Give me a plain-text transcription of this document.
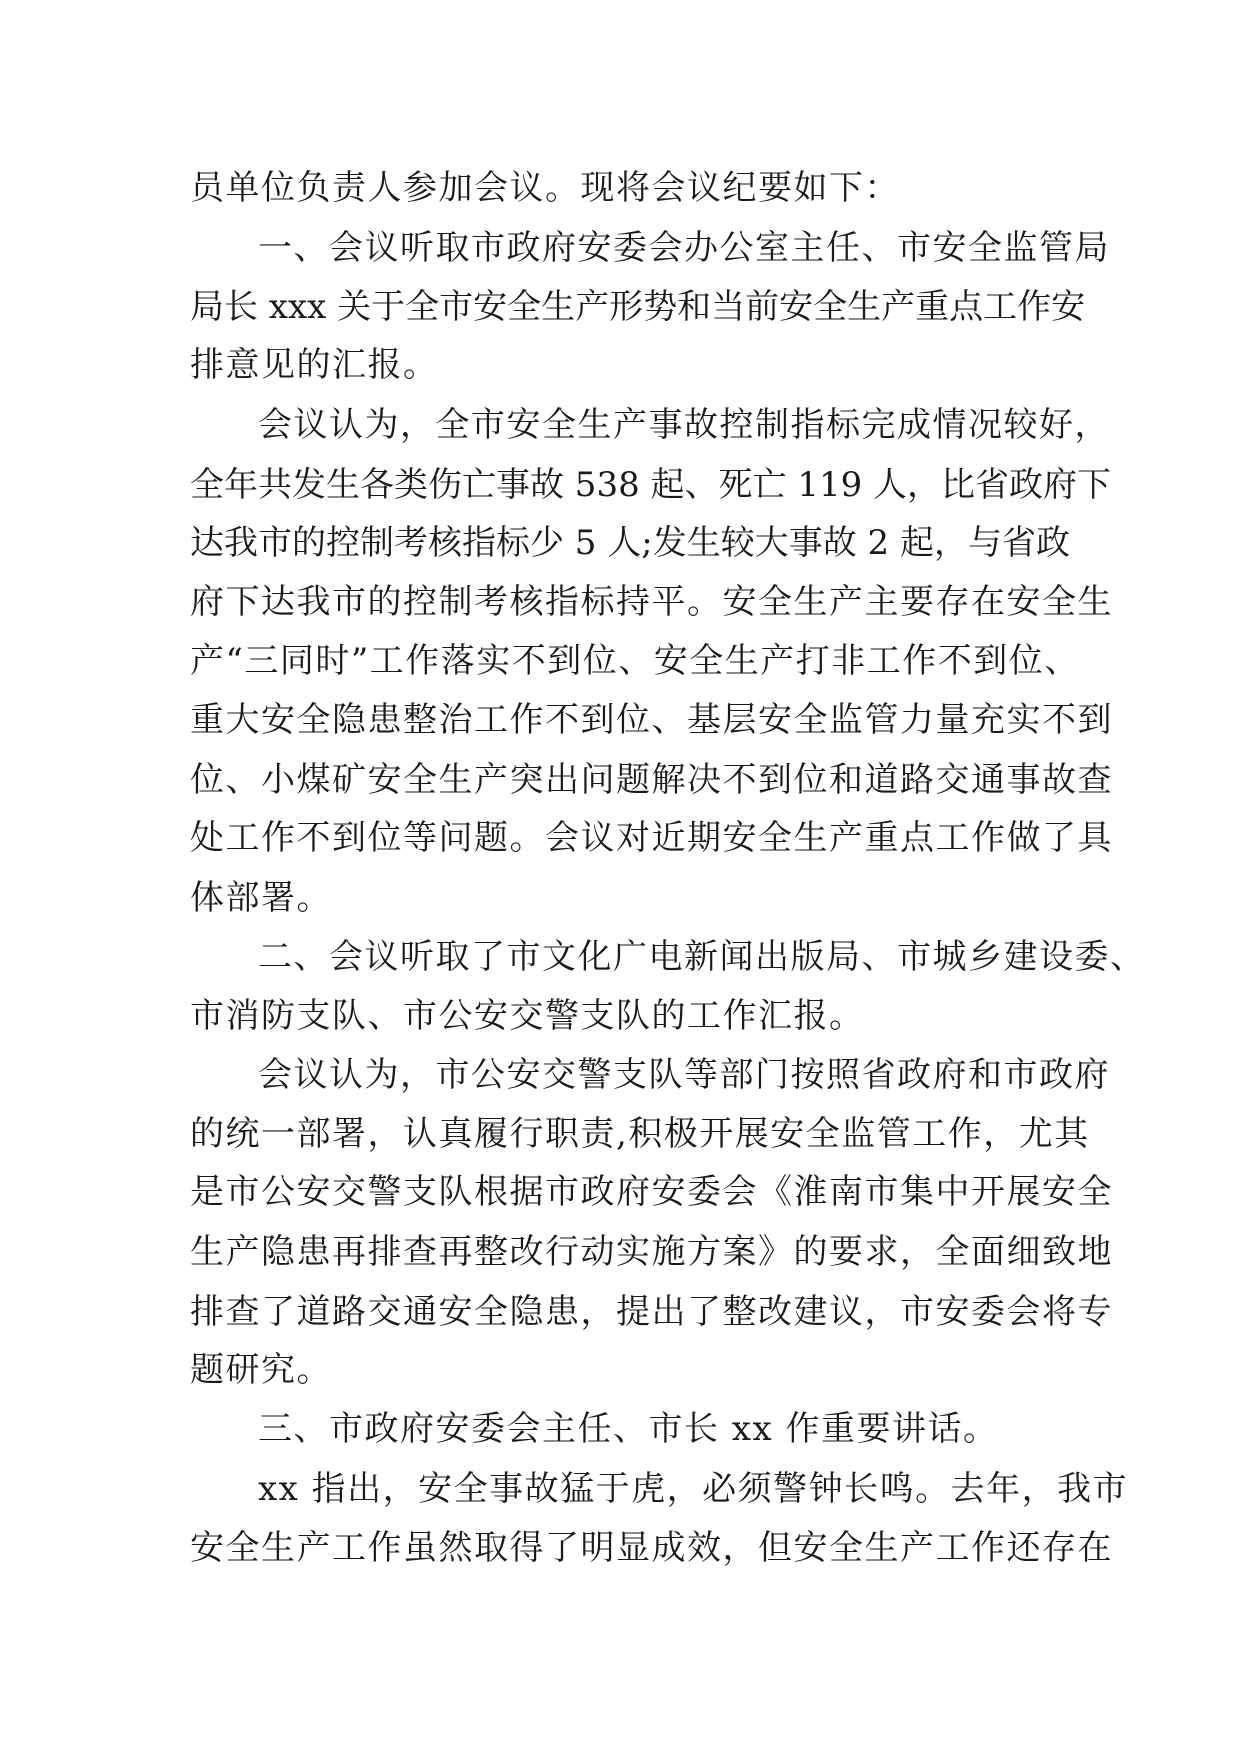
员单位负责人参加会议。现将会议纪要如下：
一、会议听取市政府安委会办公室主任、市安全监管局
局长 xxx 关于全市安全生产形势和当前安全生产重点工作安
排意见的汇报。
会议认为，全市安全生产事故控制指标完成情况较好，
全年共发生各类伤亡事故 538 起、死亡 119 人，比省政府下
达我市的控制考核指标少 5 人;发生较大事故 2 起，与省政
府下达我市的控制考核指标持平。安全生产主要存在安全生
产“三同时”工作落实不到位、安全生产打非工作不到位、
重大安全隐患整治工作不到位、基层安全监管力量充实不到
位、小煤矿安全生产突出问题解决不到位和道路交通事故查
处工作不到位等问题。会议对近期安全生产重点工作做了具
体部署。
二、会议听取了市文化广电新闻出版局、市城乡建设委、
市消防支队、市公安交警支队的工作汇报。
会议认为，市公安交警支队等部门按照省政府和市政府
的统一部署，认真履行职责,积极开展安全监管工作，尤其
是市公安交警支队根据市政府安委会《淮南市集中开展安全
生产隐患再排查再整改行动实施方案》的要求，全面细致地
排查了道路交通安全隐患，提出了整改建议，市安委会将专
题研究。
三、市政府安委会主任、市长 xx 作重要讲话。
xx 指出，安全事故猛于虎，必须警钟长鸣。去年，我市
安全生产工作虽然取得了明显成效，但安全生产工作还存在
